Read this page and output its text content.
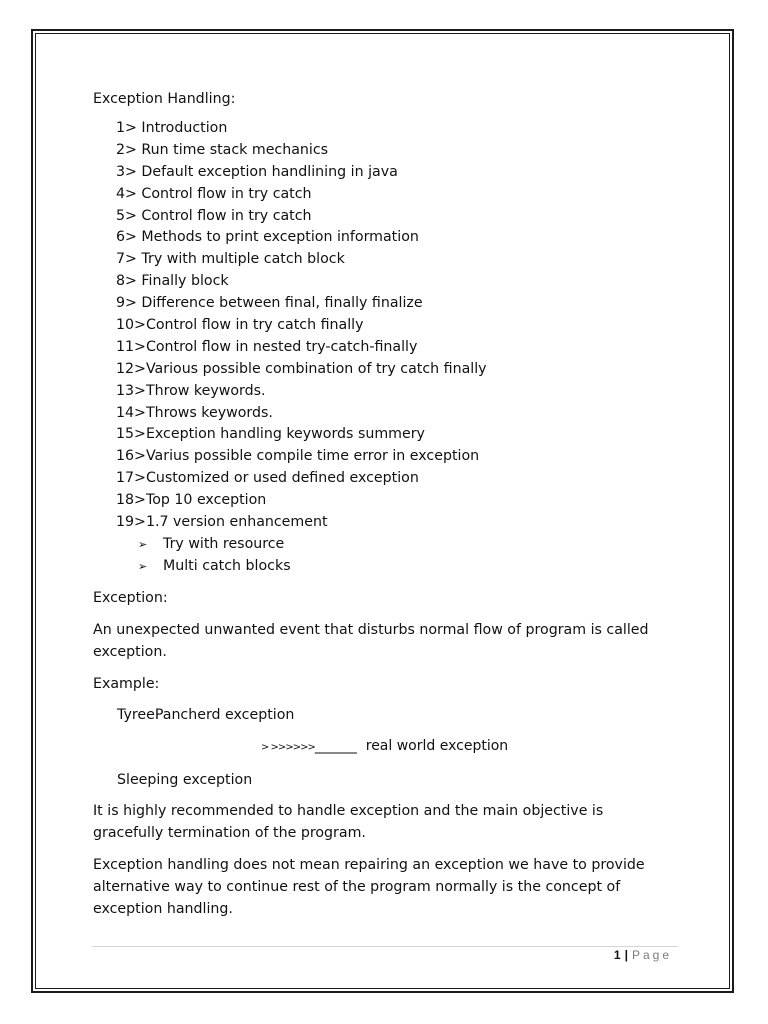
Exception Handling:
1> Introduction
2> Run time stack mechanics
3> Default exception handlining in java
4> Control flow in try catch
5> Control flow in try catch
6> Methods to print exception information
7> Try with multiple catch block
8> Finally block
9> Difference between final, finally finalize
10>Control flow in try catch finally
11>Control flow in nested try-catch-finally
12>Various possible combination of try catch finally
13>Throw keywords.
14>Throws keywords.
15>Exception handling keywords summery
16>Varius possible compile time error in exception
17>Customized or used defined exception
18>Top 10 exception
19>1.7 version enhancement
➢ Try with resource
➢ Multi catch blocks

Exception:

An unexpected unwanted event that disturbs normal flow of program is called

exception.

Example:

TyreePancherd exception

> >>>>>>______ real world exception

Sleeping exception

It is highly recommended to handle exception and the main objective is

gracefully termination of the program.

Exception handling does not mean repairing an exception we have to provide

alternative way to continue rest of the program normally is the concept of

exception handling.

1 | Page
